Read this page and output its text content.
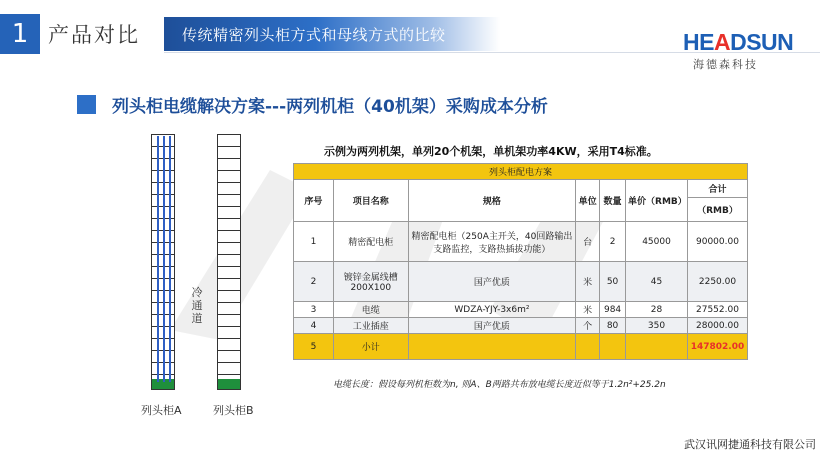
1 产品对比	传统精密列头柜方式和母线方式的比较	HEADSUN
海德森科技
列头柜电缆解决方案---两列机柜（40机架）采购成本分析
冷通道
列头柜A	列头柜B
示例为两列机架，单列20个机架，单机架功率4KW，采用T4标准。
列头柜配电方案						
序号	项目名称	规格	单位	数量	单价（RMB）	合计
						（RMB）
1	精密配电柜	精密配电柜（250A主开关，40回路输出支路监控，支路热插拔功能）	台	2	45000	90000.00
2	镀锌金属线槽200X100	国产优质	米	50	45	2250.00
3	电缆	WDZA-YJY-3x6m²	米	984	28	27552.00
4	工业插座	国产优质	个	80	350	28000.00
5	小计					147802.00
电缆长度：假设每列机柜数为n, 则A、B两路共布放电缆长度近似等于1.2n²+25.2n
武汉讯网捷通科技有限公司
